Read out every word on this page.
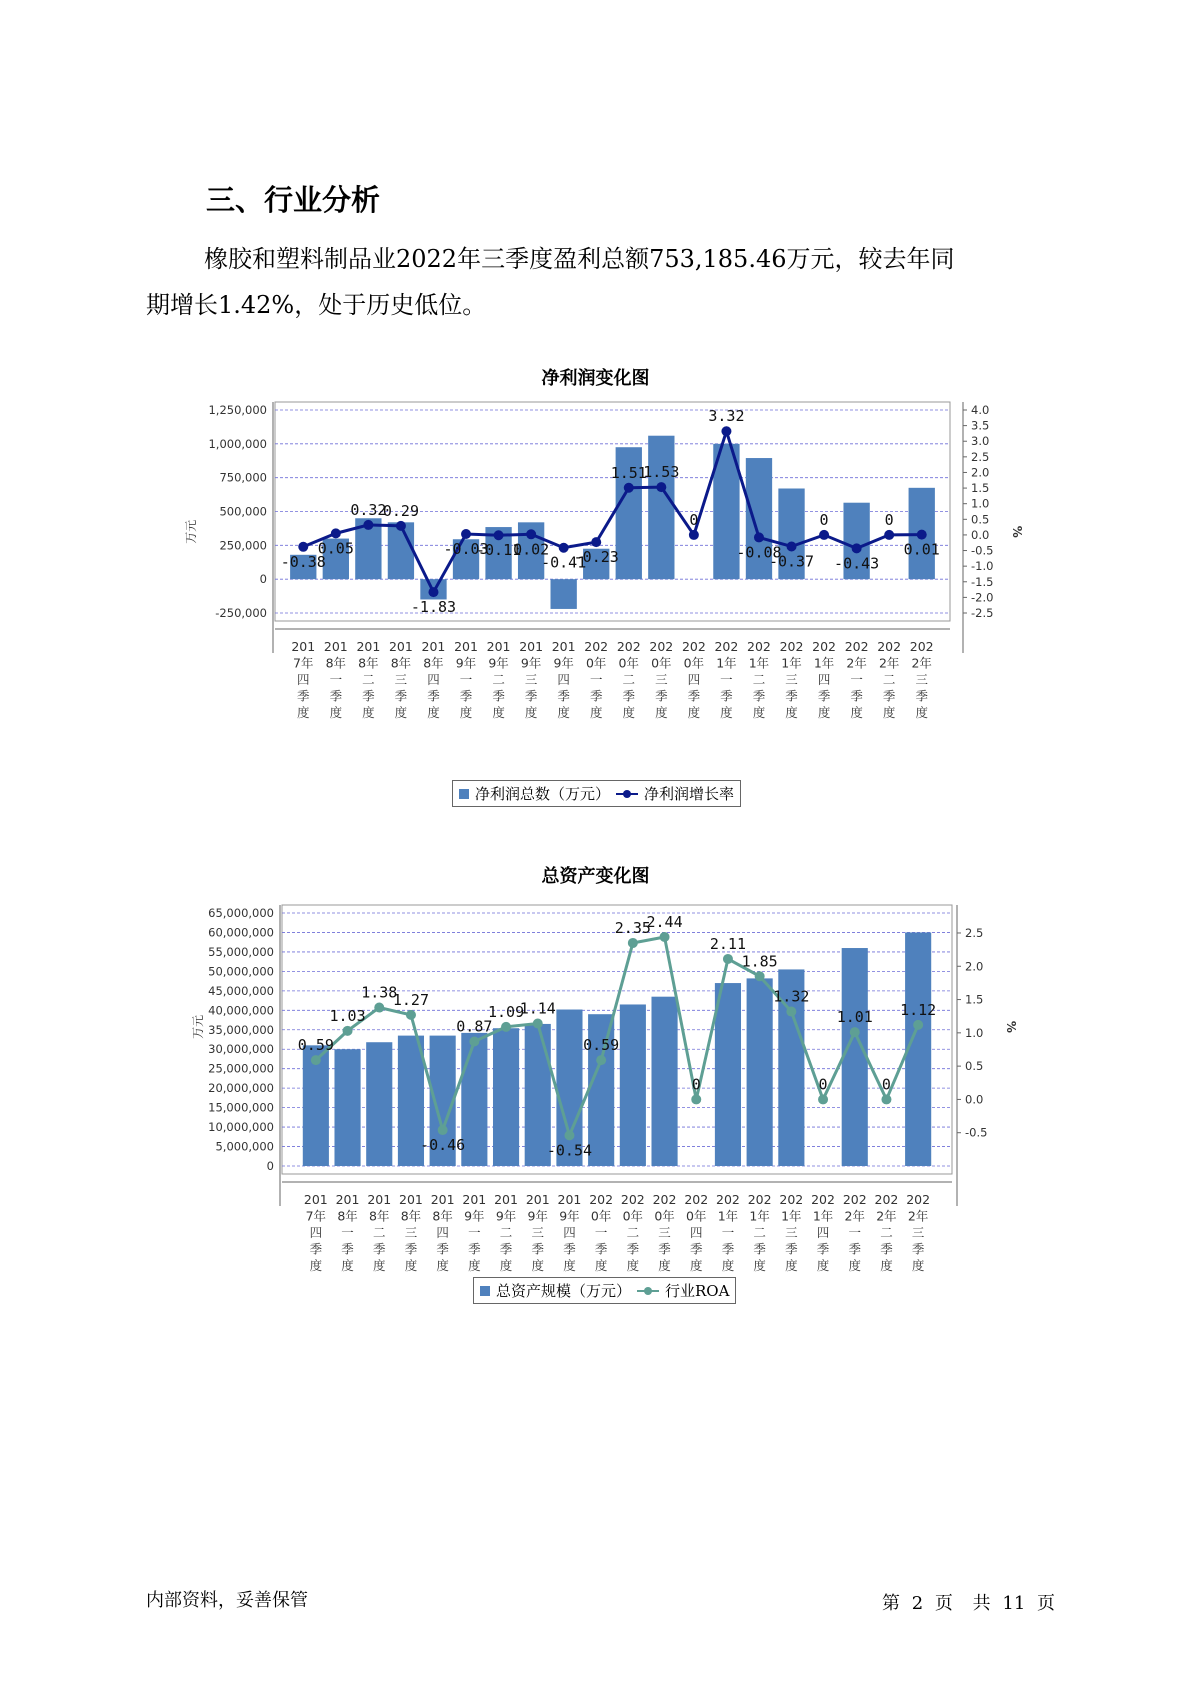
三、行业分析
橡胶和塑料制品业2022年三季度盈利总额753,185.46万元，较去年同
期增长1.42%，处于历史低位。
净利润变化图
1,250,000
1,000,000
750,000
500,000
250,000
0
-250,000
4.0
3.5
3.0
2.5
2.0
1.5
1.0
0.5
0.0
-0.5
-1.0
-1.5
-2.0
-2.5
万元	%
201 7年四季度
201 8年一季度
201 8年二季度
201 8年三季度
201 8年四季度
201 9年一季度
201 9年二季度
201 9年三季度
201 9年四季度
202 0年一季度
202 0年二季度
202 0年三季度
202 0年四季度
202 1年一季度
202 1年二季度
202 1年三季度
202 1年四季度
202 2年一季度
202 2年二季度
202 2年三季度
-0.38
0.05
0.32
0.29
-1.83
-0.03
-0.11
0.02
-0.41
-0.23
1.51
1.53
0
3.32
-0.08
-0.37
0
-0.43
0
0.01
净利润总数（万元） 净利润增长率
总资产变化图
65,000,000
60,000,000
55,000,000
50,000,000
45,000,000
40,000,000
35,000,000
30,000,000
25,000,000
20,000,000
15,000,000
10,000,000
5,000,000
0
2.5
2.0
1.5
1.0
0.5
0.0
-0.5
万元	%
201 7年四季度
201 8年一季度
201 8年二季度
201 8年三季度
201 8年四季度
201 9年一季度
201 9年二季度
201 9年三季度
201 9年四季度
202 0年一季度
202 0年二季度
202 0年三季度
202 0年四季度
202 1年一季度
202 1年二季度
202 1年三季度
202 1年四季度
202 2年一季度
202 2年二季度
202 2年三季度
0.59
1.03
1.38
1.27
-0.46
0.87
1.09
1.14
-0.54
0.59
2.35
2.44
0
2.11
1.85
1.32
0
1.01
0
1.12
总资产规模（万元） 行业ROA
内部资料，妥善保管	第 2 页 共 11 页
